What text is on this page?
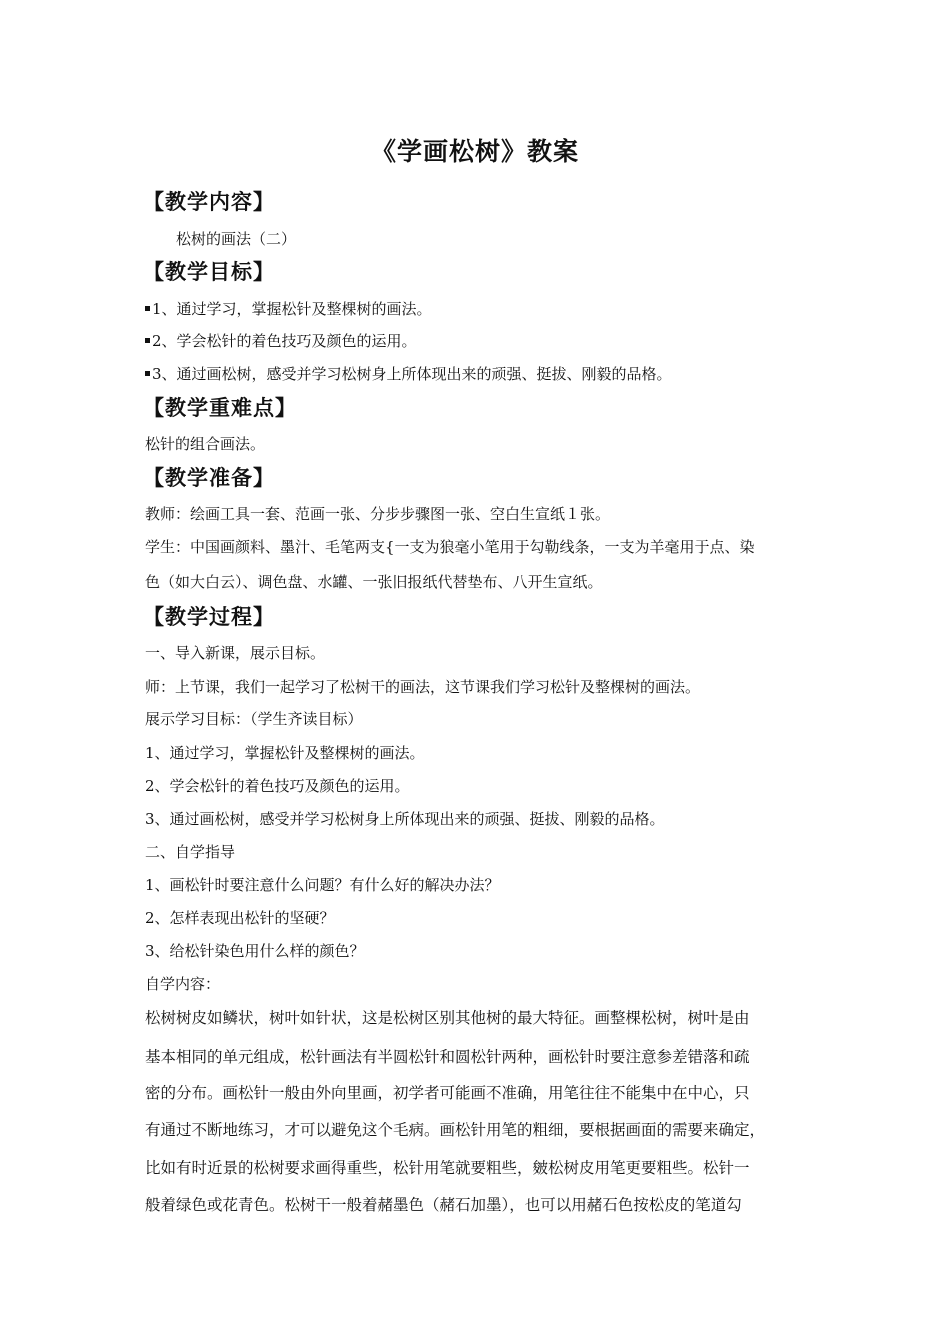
《学画松树》教案
【教学内容】
松树的画法（二）
【教学目标】
1、通过学习，掌握松针及整棵树的画法。
2、学会松针的着色技巧及颜色的运用。
3、通过画松树，感受并学习松树身上所体现出来的顽强、挺拔、刚毅的品格。
【教学重难点】
松针的组合画法。
【教学准备】
教师：绘画工具一套、范画一张、分步步骤图一张、空白生宣纸１张。
学生：中国画颜料、墨汁、毛笔两支{一支为狼毫小笔用于勾勒线条，一支为羊毫用于点、染
色（如大白云）、调色盘、水罐、一张旧报纸代替垫布、八开生宣纸。
【教学过程】
一、导入新课，展示目标。
师：上节课，我们一起学习了松树干的画法，这节课我们学习松针及整棵树的画法。
展示学习目标：（学生齐读目标）
1、通过学习，掌握松针及整棵树的画法。
2、学会松针的着色技巧及颜色的运用。
3、通过画松树，感受并学习松树身上所体现出来的顽强、挺拔、刚毅的品格。
二、自学指导
1、画松针时要注意什么问题？有什么好的解决办法？
2、怎样表现出松针的坚硬？
3、给松针染色用什么样的颜色？
自学内容：
松树树皮如鳞状，树叶如针状，这是松树区别其他树的最大特征。画整棵松树，树叶是由
基本相同的单元组成，松针画法有半圆松针和圆松针两种，画松针时要注意参差错落和疏
密的分布。画松针一般由外向里画，初学者可能画不准确，用笔往往不能集中在中心，只
有通过不断地练习，才可以避免这个毛病。画松针用笔的粗细，要根据画面的需要来确定，
比如有时近景的松树要求画得重些，松针用笔就要粗些，皴松树皮用笔更要粗些。松针一
般着绿色或花青色。松树干一般着赭墨色（赭石加墨），也可以用赭石色按松皮的笔道勾
